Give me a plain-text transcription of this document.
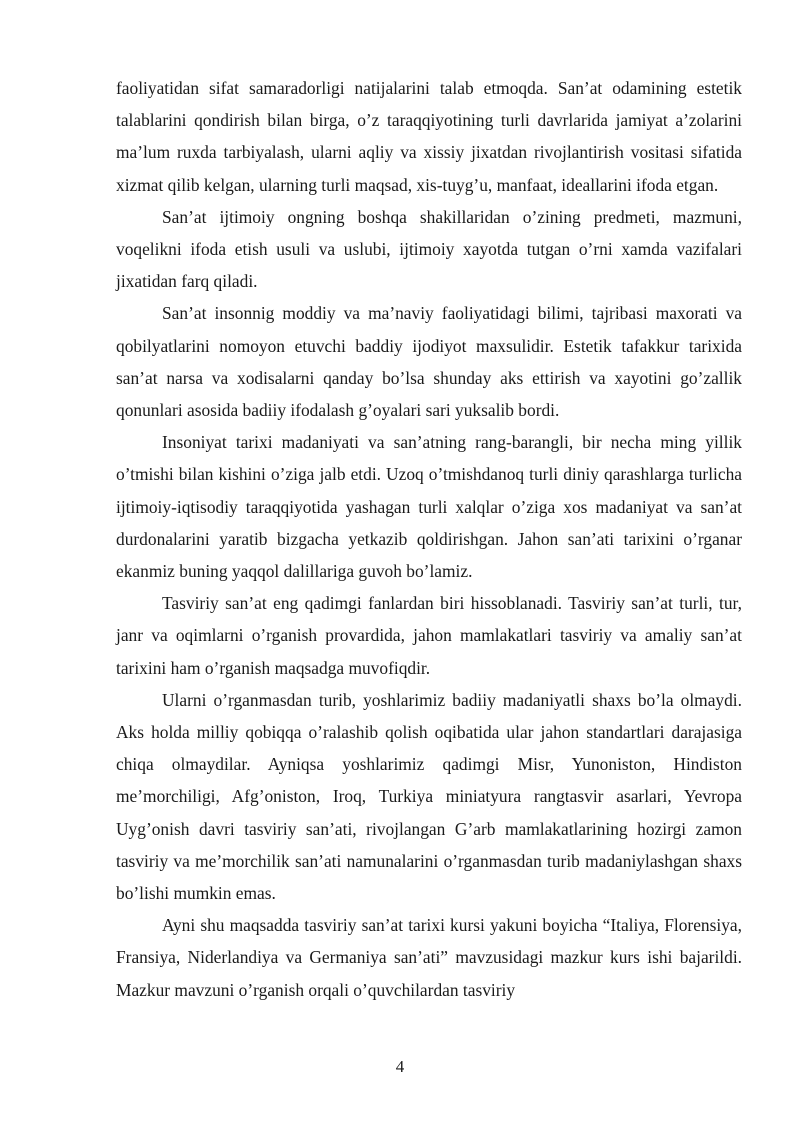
faoliyatidan sifat samaradorligi natijalarini talab etmoqda. San’at odamining estetik talablarini qondirish bilan birga, o’z taraqqiyotining turli davrlarida jamiyat a’zolarini ma’lum ruxda tarbiyalash, ularni aqliy va xissiy jixatdan rivojlantirish vositasi sifatida xizmat qilib kelgan, ularning turli maqsad, xis-tuyg’u, manfaat, ideallarini ifoda etgan.

San’at ijtimoiy ongning boshqa shakillaridan o’zining predmeti, mazmuni, voqelikni ifoda etish usuli va uslubi, ijtimoiy xayotda tutgan o’rni xamda vazifalari jixatidan farq qiladi.

San’at insonnig moddiy va ma’naviy faoliyatidagi bilimi, tajribasi maxorati va qobilyatlarini nomoyon etuvchi baddiy ijodiyot maxsulidir. Estetik tafakkur tarixida san’at narsa va xodisalarni qanday bo’lsa shunday aks ettirish va xayotini go’zallik qonunlari asosida badiiy ifodalash g’oyalari sari yuksalib bordi.

Insoniyat tarixi madaniyati va san’atning rang-barangli, bir necha ming yillik o’tmishi bilan kishini o’ziga jalb etdi. Uzoq o’tmishdanoq turli diniy qarashlarga turlicha ijtimoiy-iqtisodiy taraqqiyotida yashagan turli xalqlar o’ziga xos madaniyat va san’at durdonalarini yaratib bizgacha yetkazib qoldirishgan. Jahon san’ati tarixini o’rganar ekanmiz buning yaqqol dalillariga guvoh bo’lamiz.

Tasviriy san’at eng qadimgi fanlardan biri hissoblanadi. Tasviriy san’at turli, tur, janr va oqimlarni o’rganish provardida, jahon mamlakatlari tasviriy va amaliy san’at tarixini ham o’rganish maqsadga muvofiqdir.

Ularni o’rganmasdan turib, yoshlarimiz badiiy madaniyatli shaxs bo’la olmaydi. Aks holda milliy qobiqqa o’ralashib qolish oqibatida ular jahon standartlari darajasiga chiqa olmaydilar. Ayniqsa yoshlarimiz qadimgi Misr, Yunoniston, Hindiston me’morchiligi, Afg’oniston, Iroq, Turkiya miniatyura rangtasvir asarlari, Yevropa Uyg’onish davri tasviriy san’ati, rivojlangan G’arb mamlakatlarining hozirgi zamon tasviriy va me’morchilik san’ati namunalarini o’rganmasdan turib madaniylashgan shaxs bo’lishi mumkin emas.

Ayni shu maqsadda tasviriy san’at tarixi kursi yakuni boyicha “Italiya, Florensiya, Fransiya, Niderlandiya va Germaniya san’ati” mavzusidagi mazkur kurs ishi bajarildi. Mazkur mavzuni o’rganish orqali o’quvchilardan tasviriy

4
